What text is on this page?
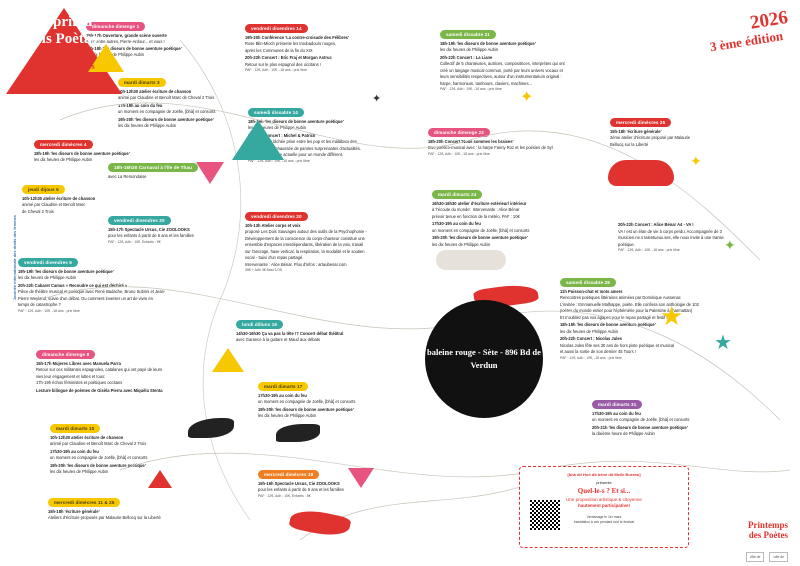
La prima
dels Poètas
du 1er au 31 mars
2026
3 ème édition
✦
✦
✦
★
★
✦
Journée internationale des droits des femmes
dimanche dimenge 1

15h-17h Ouverture, grande scène ouverte

Avec entre autres, Pierre-Ardour... et vous !

17h-18h 'les diseurs de bonne aventure poétique'

les dix heures de Philippe Aubin

vendredi divendres 14

19h-20h Conférence 'La contre-croisade des Félibres'

Rose Blin-Mioch présente les troubadours rouges,

après les Communes de la fin du XIX

20h-22h Concert : Eric Fraj et Morgan Astruc

Retour sur le plus espagnol des occitans !

PAF : 12€, Adh : 10€, -18 ans : prix libre

samedi dissabte 21

18h-19h 'les diseurs de bonne aventure poétique'

les dix heures de Philippe Aubin

20h-22h Concert : La Liane

Collectif de 5 chanteuses, autrices, compositrices, interprètes qui ont

créé un langage musical commun, porté par leurs univers vocaux et

leurs sensibilités respectives, autour d'un instrumentarium original :

harpe, harmonium, tambours, claviers, machines...

PAF : 12€, Adh : 10€, -18 ans : prix libre

mardi dimarts 3

10h-12h30 atelier écriture de chanson

animé par Claudine et Benoît Marc de Cheval 2 Trois

17h-18h au coin du feu

un moment en compagnie de Joëlle, [bhà] et consorts

19h-20h 'les diseurs de bonne aventure poétique'

les dix heures de Philippe Aubin

samedi dissabte 14

18h-19h 'les diseurs de bonne aventure poétique'

les dix heures de Philippe Aubin

20h-22h Concert : Michel & Patrick

Une musique lâchée prise entre les pop et les malabars des

années 1990, rehaussée de paroles surprenantes d'actualités.

Chanson française actuelle pour un monde différent.

PAF : 12€, Adh : 10€, -18 ans : prix libre

mercredi dimècres 25

15h-18h 'écriture générale'

2ème atelier d'écriture proposé par Malaurie

Bellocq sur la Liberté

mercredi dimècres 4

18h-19h 'les diseurs de bonne aventure poétique'

les dix heures de Philippe Aubin

18h-16h30 Carnaval à l'île de Thau

avec La Remondaise

dimanche dimenge 22

18h-20h Concert 'Nous sommes les braises'

Duo poético-musical avec : la harpe Fanny Roz et les poésies de Syl

PAF : 12€, Adh : 10€, -18 ans : prix libre

jeudi dijous 5

10h-12h30 atelier écriture de chanson

animé par Claudine et Benoît Marc

de Cheval 2 Trois

mardi dimarts 24

16h30-16h30 atelier d'écriture extérieur/ intérieur

à 'l'écoute du monde'. Intervenante : Alice Bénar

prévoir tenue en fonction de la météo. PAF : 10€

17h30-19h au coin du feu

un moment en compagnie de Joëlle, [bhà] et consorts

19h-20h 'les diseurs de bonne aventure poétique'

les dix heures de Philippe Aubin

vendredi divendres 20

10h-13h Atelier corps et voix

proposé Les Dois Sauvages autour des outils de la Psychophonie -

Développement de la conscience du corps-chanteur constitué une

ensemble d'espaces interdépendants, libération de la voix, travail

sur l'ancrage, haxe vertical, la respiration, la modalité et le soutien

vocal - Suivi d'un repas partagé.

Intervenante : Alice Bénar. Plus d'infos : artaubenar.com

35€ + Adh 3€ Asso LOS

20h-22h Concert : Alice Bénar A4 - VA !

VA ! est un élan de vie à corps perdu. Accompagnée de 3

musicien.ne.s talentueux.ses, elle nous invite à une transe

poétique.

PAF : 12€, Adh : 10€, -18 ans : prix libre

vendredi divendres 20

15h-17h Spectacle Ursus, Cie ZOOLOOKS

pour les enfants à partir de 6 ans et les familles

PAF : 12€, Adh : 10€, Enfants : 5€

vendredi divendres 6

19h-19h 'les diseurs de bonne aventure poétique'

les dix heures de Philippe Aubin

20h-22h Cabaret Camus « Recoudre ce qui est déchiré »

Pièce de théâtre musical et poétique avec René Badache, Bruno Subrini et Jean-

Pierre Weyland, suivie d'un débat. Ou comment inventer un art de vivre en

temps de catastrophe ?

PAF : 12€, Adh : 10€, -18 ans : prix libre

samedi dissabte 28

11h Poisson-chat et mots amers

Rencontres poétiques littéraires animées par Dominique Aussenac

L'invitée : Emmanuelle Malhappe, poète. Elle confiera son anthologie de 102

poètes du monde entier pour l'éphémérie pour la Palestine à l'harmattan)

Et n'oubliez pas vos agapes pour le repas partagé et festif !

18h-19h 'les diseurs de bonne aventure poétique'

les dix heures de Philippe Aubin

20h-22h Concert : Nicolas Jules

Nicolas Jules fête ses 30 ans de hors piste poétique et musical

et aussi la sortie de son dernier 45 Tours !

PAF : 12€, Adh : 10€, -18 ans : prix libre

lundi dilluns 16

14h30-16h30 Ça va pas la tête !? Concert débat théâtral

avec Garance à la guitare et Maud aux débats

dimanche dimenge 8

15h-17h Mujeres Libres avec Manuela Parra

Retour sur ces militantes espagnoles, catalanes qui ont payé de leurs

vies leur engagement et luttes et tous:

17h-19h échos féministes et poétiques occitans

Lecture bilingue de poèmes de Gisèla Pierra avec Miquèla Stenta

mardi dimarts 17

17h30-19h au coin du feu

un moment en compagnie de Joëlle, [bhà] et consorts

19h-20h 'les diseurs de bonne aventure poétique'

les dix heures de Philippe Aubin

mardi dimarts 31

17h30-19h au coin du feu

un moment en compagnie de Joëlle, [bhà] et consorts

20h-21h 'les diseurs de bonne aventure poétique'

la dixième heure de Philippe Aubin

mardi dimarts 10

10h-12h30 atelier écriture de chanson

animé par Claudine et Benoît Marc de Cheval 2 Trois

17h30-19h au coin du feu

un moment en compagnie de Joëlle, [bhà] et consorts

19h-20h 'les diseurs de bonne aventure poétique'

les dix heures de Philippe Aubin	mercredi dimècres 18

15h-16h Spectacle Ursus, Cie ZOOLOOKS

pour les enfants à partir de 6 ans et les familles

PAF : 12€, Adh : 10€, Enfants : 5€

mercredi dimècres 11 & 25

15h-18h 'écriture générale'

Ateliers d'écriture proposés par Malaurie Bellocq sur la Liberté

baleine rouge - Sète - 896 Bd de Verdun
[bhà dit Hoô dit bénè dit Melle Bureau]
présente
Quel-le-s ? Et si...
Une proposition artistique & citoyenne
hautement participative!
Vernissage le 1er mars
installation à voir pendant tout le festival	Printemps
des Poètes
ville de	ville de
